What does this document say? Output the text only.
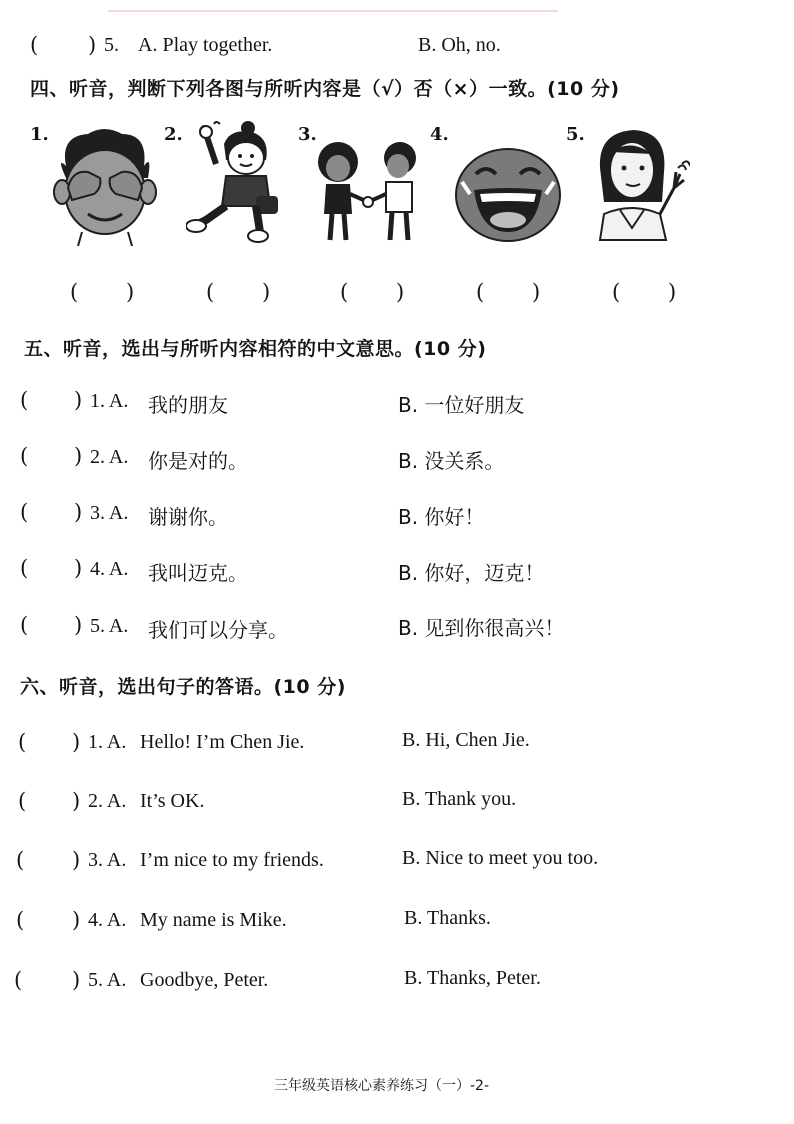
( ) 5. A. Play together.	B. Oh, no.
四、听音，判断下列各图与所听内容是（√）否（×）一致。(10 分)
1.	2.	3.	4.	5.
( )	( )	( )	( )	( )
五、听音，选出与所听内容相符的中文意思。(10 分)
( ) 1. A. 我的朋友	B. 一位好朋友
( ) 2. A. 你是对的。	B. 没关系。
( ) 3. A. 谢谢你。	B. 你好！
( ) 4. A. 我叫迈克。	B. 你好，迈克！
( ) 5. A. 我们可以分享。	B. 见到你很高兴！
六、听音，选出句子的答语。(10 分)
( ) 1. A. Hello! I’m Chen Jie.	B. Hi, Chen Jie.
( ) 2. A. It’s OK.	B. Thank you.
( ) 3. A. I’m nice to my friends.	B. Nice to meet you too.
( ) 4. A. My name is Mike.	B. Thanks.
( ) 5. A. Goodbye, Peter.	B. Thanks, Peter.
三年级英语核心素养练习（一）-2-
